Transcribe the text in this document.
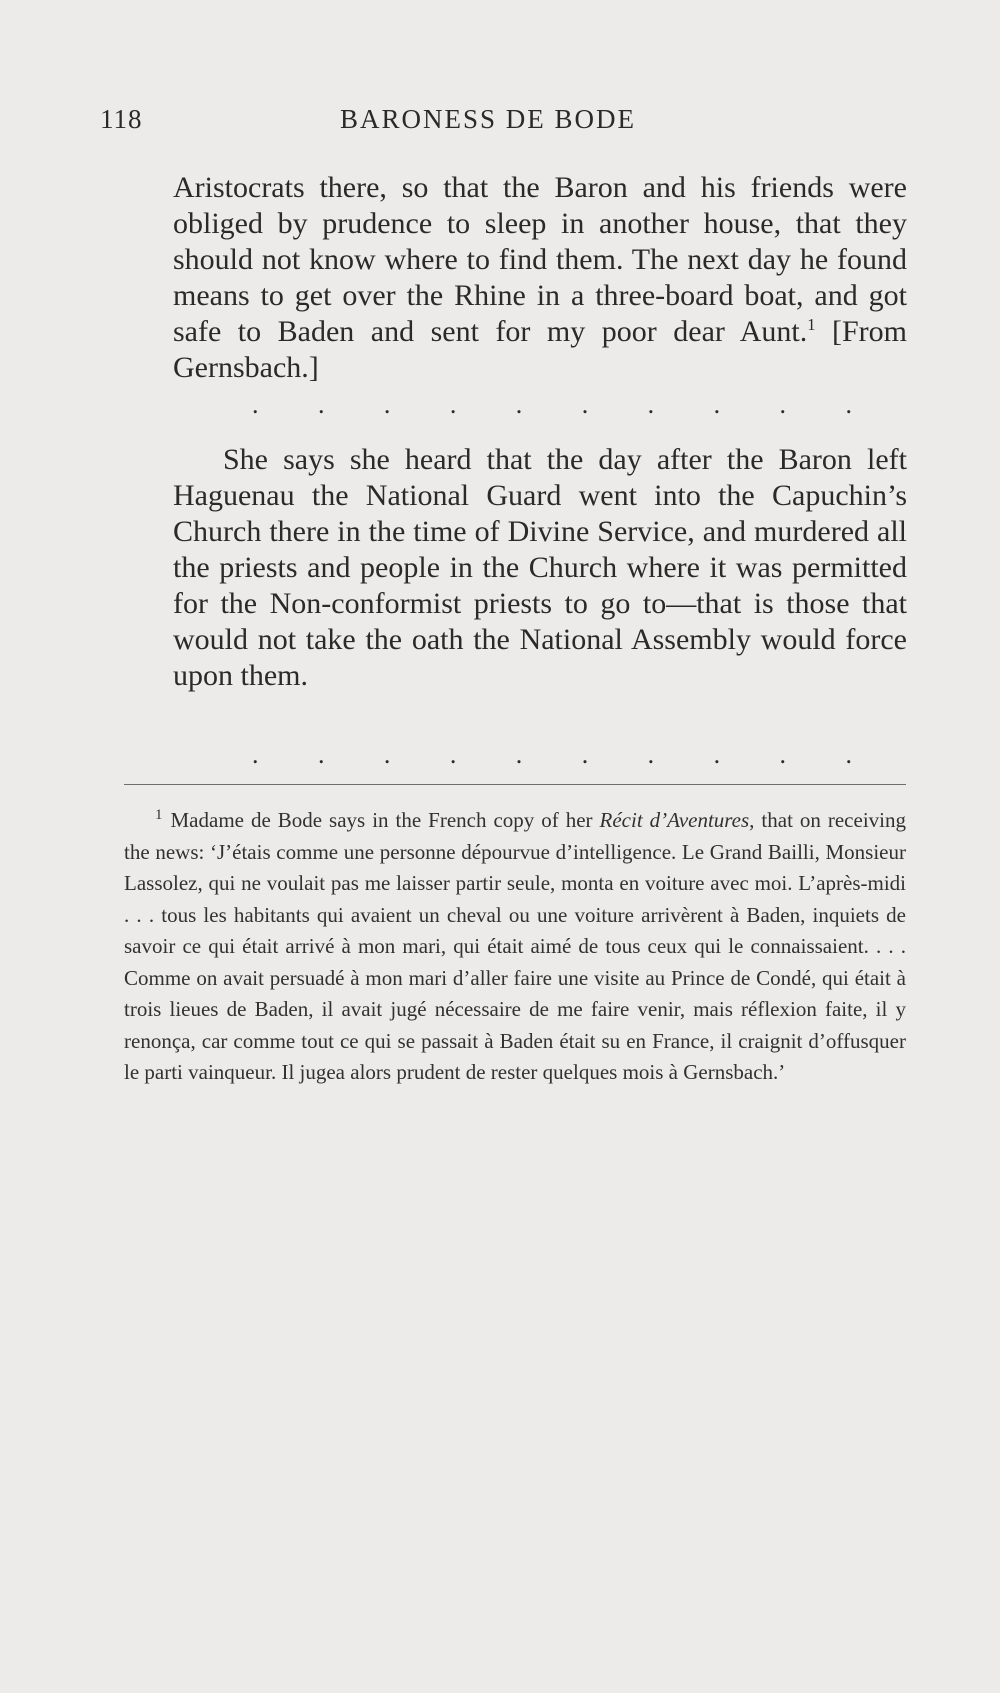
118	BARONESS DE BODE

Aristocrats there, so that the Baron and his friends were obliged by prudence to sleep in another house, that they should not know where to find them. The next day he found means to get over the Rhine in a three-board boat, and got safe to Baden and sent for my poor dear Aunt.$^1$ [From Gernsbach.]

. . . . . . . . . .

She says she heard that the day after the Baron left Haguenau the National Guard went into the Capuchin’s Church there in the time of Divine Service, and murdered all the priests and people in the Church where it was permitted for the Non-conformist priests to go to—that is those that would not take the oath the National Assembly would force upon them.

. . . . . . . . . .

$^1$ Madame de Bode says in the French copy of her Récit d’Aventures, that on receiving the news: ‘J’étais comme une personne dépourvue d’intelligence. Le Grand Bailli, Monsieur Lassolez, qui ne voulait pas me laisser partir seule, monta en voiture avec moi. L’après-midi . . . tous les habitants qui avaient un cheval ou une voiture arrivèrent à Baden, inquiets de savoir ce qui était arrivé à mon mari, qui était aimé de tous ceux qui le connaissaient. . . . Comme on avait persuadé à mon mari d’aller faire une visite au Prince de Condé, qui était à trois lieues de Baden, il avait jugé nécessaire de me faire venir, mais réflexion faite, il y renonça, car comme tout ce qui se passait à Baden était su en France, il craignit d’offusquer le parti vainqueur. Il jugea alors prudent de rester quelques mois à Gernsbach.’
